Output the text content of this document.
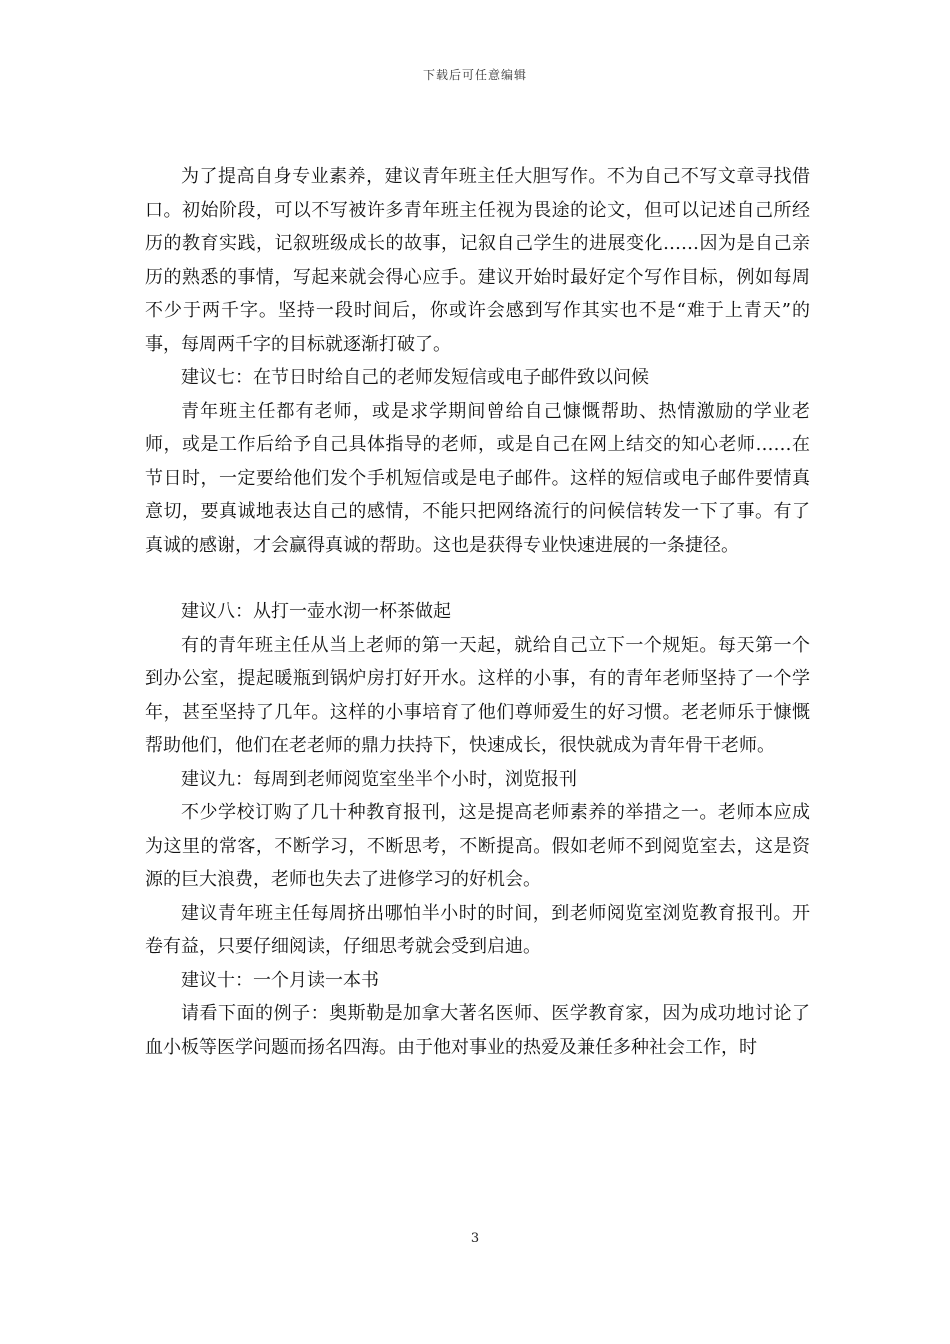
下载后可任意编辑

为了提高自身专业素养，建议青年班主任大胆写作。不为自己不写文章寻找借口。初始阶段，可以不写被许多青年班主任视为畏途的论文，但可以记述自己所经历的教育实践，记叙班级成长的故事，记叙自己学生的进展变化……因为是自己亲历的熟悉的事情，写起来就会得心应手。建议开始时最好定个写作目标，例如每周不少于两千字。坚持一段时间后，你或许会感到写作其实也不是“难于上青天”的事，每周两千字的目标就逐渐打破了。

建议七：在节日时给自己的老师发短信或电子邮件致以问候

青年班主任都有老师，或是求学期间曾给自己慷慨帮助、热情激励的学业老师，或是工作后给予自己具体指导的老师，或是自己在网上结交的知心老师……在节日时，一定要给他们发个手机短信或是电子邮件。这样的短信或电子邮件要情真意切，要真诚地表达自己的感情，不能只把网络流行的问候信转发一下了事。有了真诚的感谢，才会赢得真诚的帮助。这也是获得专业快速进展的一条捷径。

建议八：从打一壶水沏一杯茶做起

有的青年班主任从当上老师的第一天起，就给自己立下一个规矩。每天第一个到办公室，提起暖瓶到锅炉房打好开水。这样的小事，有的青年老师坚持了一个学年，甚至坚持了几年。这样的小事培育了他们尊师爱生的好习惯。老老师乐于慷慨帮助他们，他们在老老师的鼎力扶持下，快速成长，很快就成为青年骨干老师。

建议九：每周到老师阅览室坐半个小时，浏览报刊

不少学校订购了几十种教育报刊，这是提高老师素养的举措之一。老师本应成为这里的常客，不断学习，不断思考，不断提高。假如老师不到阅览室去，这是资源的巨大浪费，老师也失去了进修学习的好机会。

建议青年班主任每周挤出哪怕半小时的时间，到老师阅览室浏览教育报刊。开卷有益，只要仔细阅读，仔细思考就会受到启迪。

建议十：一个月读一本书

请看下面的例子：奥斯勒是加拿大著名医师、医学教育家，因为成功地讨论了血小板等医学问题而扬名四海。由于他对事业的热爱及兼任多种社会工作，时

3
